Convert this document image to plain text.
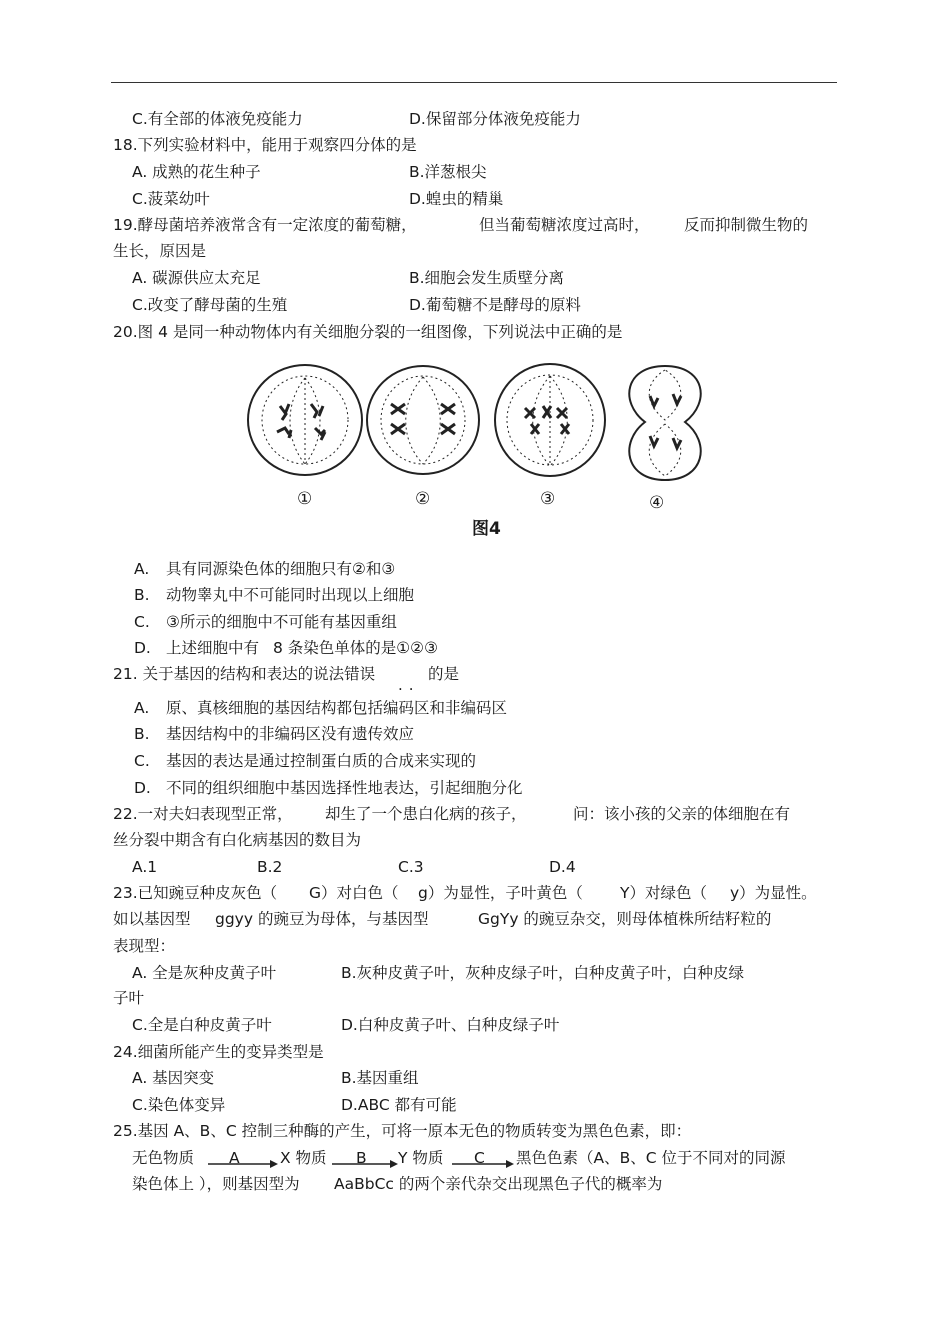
C.有全部的体液免疫能力	D.保留部分体液免疫能力
18.下列实验材料中，能用于观察四分体的是
A. 成熟的花生种子	B.洋葱根尖
C.菠菜幼叶	D.蝗虫的精巢
19.酵母菌培养液常含有一定浓度的葡萄糖，	但当葡萄糖浓度过高时， 反而抑制微生物的
生长，原因是
A. 碳源供应太充足	B.细胞会发生质壁分离
C.改变了酵母菌的生殖	D.葡萄糖不是酵母的原料
20.图 4 是同一种动物体内有关细胞分裂的一组图像，下列说法中正确的是
①	②	③	④
图4
A. 具有同源染色体的细胞只有②和③
B. 动物睾丸中不可能同时出现以上细胞
C. ③所示的细胞中不可能有基因重组
D. 上述细胞中有 8 条染色单体的是①②③
21. 关于基因的结构和表达的说法错误	的是
..
A. 原、真核细胞的基因结构都包括编码区和非编码区
B. 基因结构中的非编码区没有遗传效应
C. 基因的表达是通过控制蛋白质的合成来实现的
D. 不同的组织细胞中基因选择性地表达，引起细胞分化
22.一对夫妇表现型正常， 却生了一个患白化病的孩子，	问：该小孩的父亲的体细胞在有
丝分裂中期含有白化病基因的数目为
A.1	B.2	C.3	D.4
23.已知豌豆种皮灰色（ G）对白色（ g）为显性，子叶黄色（ Y）对绿色（ y）为显性。
如以基因型 ggyy 的豌豆为母体，与基因型	GgYy 的豌豆杂交，则母体植株所结籽粒的
表现型：
A. 全是灰种皮黄子叶	B.灰种皮黄子叶，灰种皮绿子叶，白种皮黄子叶，白种皮绿
子叶
C.全是白种皮黄子叶	D.白种皮黄子叶、白种皮绿子叶
24.细菌所能产生的变异类型是
A. 基因突变	B.基因重组
C.染色体变异	D.ABC 都有可能
25.基因 A、B、C 控制三种酶的产生，可将一原本无色的物质转变为黑色色素，即：
无色物质 A	X 物质 B Y 物质 C 黑色色素（A、B、C 位于不同对的同源
染色体上 ），则基因型为 AaBbCc 的两个亲代杂交出现黑色子代的概率为
